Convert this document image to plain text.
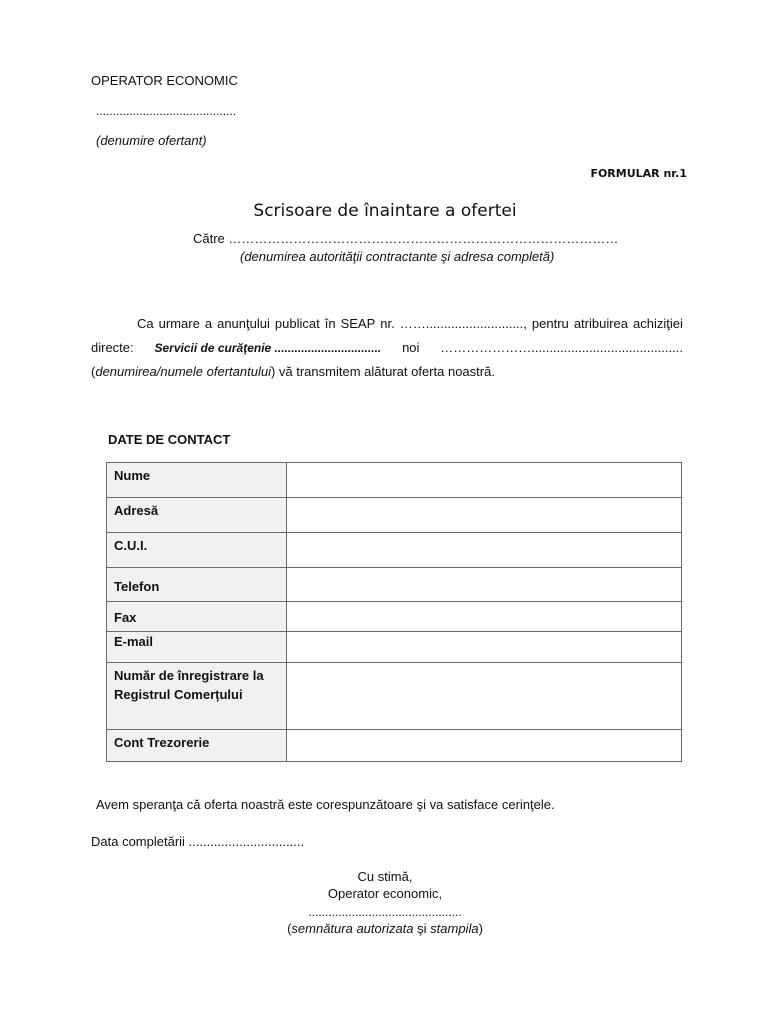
OPERATOR ECONOMIC
..........................................
(denumire ofertant)
FORMULAR nr.1
Scrisoare de înaintare a ofertei
Către ………………………………………………………………………………
(denumirea autorităţii contractante şi adresa completă)
Ca urmare a anunţului publicat în SEAP nr. ……..........................., pentru atribuirea achiziţiei
directe: Servicii de curăţenie ................................ noi …………………..........................................
( denumirea/numele ofertantului ) vă transmitem alăturat oferta noastră.
DATE DE CONTACT
Nume	
Adresă	
C.U.I.	
Telefon	
Fax	
E-mail	
Număr de înregistrare la Registrul Comerțului	
Cont Trezorerie	
Avem speranţa că oferta noastră este corespunzătoare şi va satisface cerinţele.
Data completării ................................
Cu stimă,
Operator economic,
..............................................
(semnătura autorizata şi stampila)
